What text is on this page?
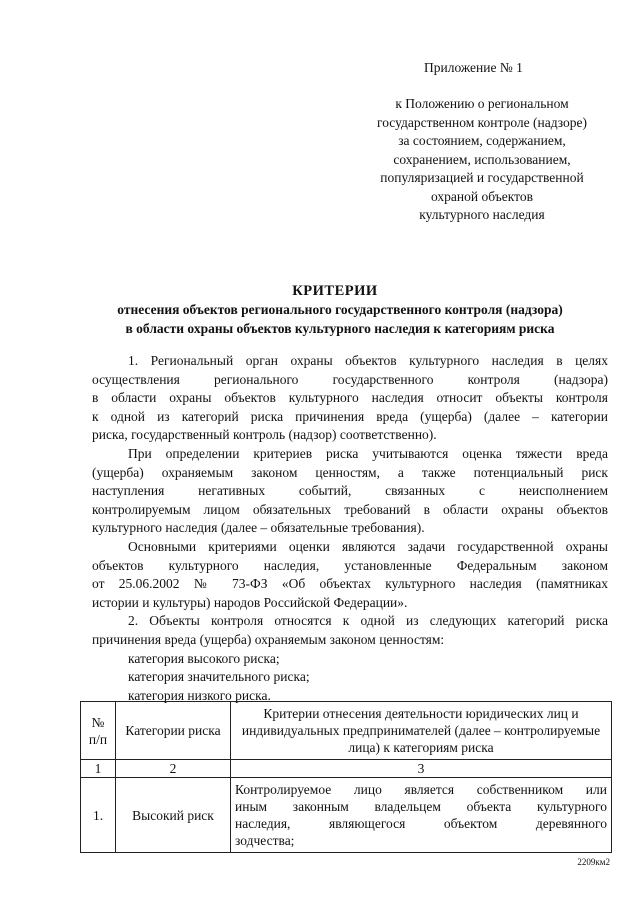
Приложение № 1
к Положению о региональном
государственном контроле (надзоре)
за состоянием, содержанием,
сохранением, использованием,
популяризацией и государственной
охраной объектов
культурного наследия
КРИТЕРИИ
отнесения объектов регионального государственного контроля (надзора)
в области охраны объектов культурного наследия к категориям риска
1. Региональный орган охраны объектов культурного наследия в целях
осуществления регионального государственного контроля (надзора)
в области охраны объектов культурного наследия относит объекты контроля
к одной из категорий риска причинения вреда (ущерба) (далее – категории
риска, государственный контроль (надзор) соответственно).
При определении критериев риска учитываются оценка тяжести вреда
(ущерба) охраняемым законом ценностям, а также потенциальный риск
наступления негативных событий, связанных с неисполнением
контролируемым лицом обязательных требований в области охраны объектов
культурного наследия (далее – обязательные требования).
Основными критериями оценки являются задачи государственной охраны
объектов культурного наследия, установленные Федеральным законом
от 25.06.2002 № 73-ФЗ «Об объектах культурного наследия (памятниках
истории и культуры) народов Российской Федерации».
2. Объекты контроля относятся к одной из следующих категорий риска
причинения вреда (ущерба) охраняемым законом ценностям:
категория высокого риска;
категория значительного риска;
категория низкого риска.
№ п/п	Категории риска	Критерии отнесения деятельности юридических лиц и индивидуальных предпринимателей (далее – контролируемые лица) к категориям риска
1	2	3
1.	Высокий риск	Контролируемое лицо является собственником или
иным законным владельцем объекта культурного
наследия, являющегося объектом деревянного
зодчества;
2209км2
